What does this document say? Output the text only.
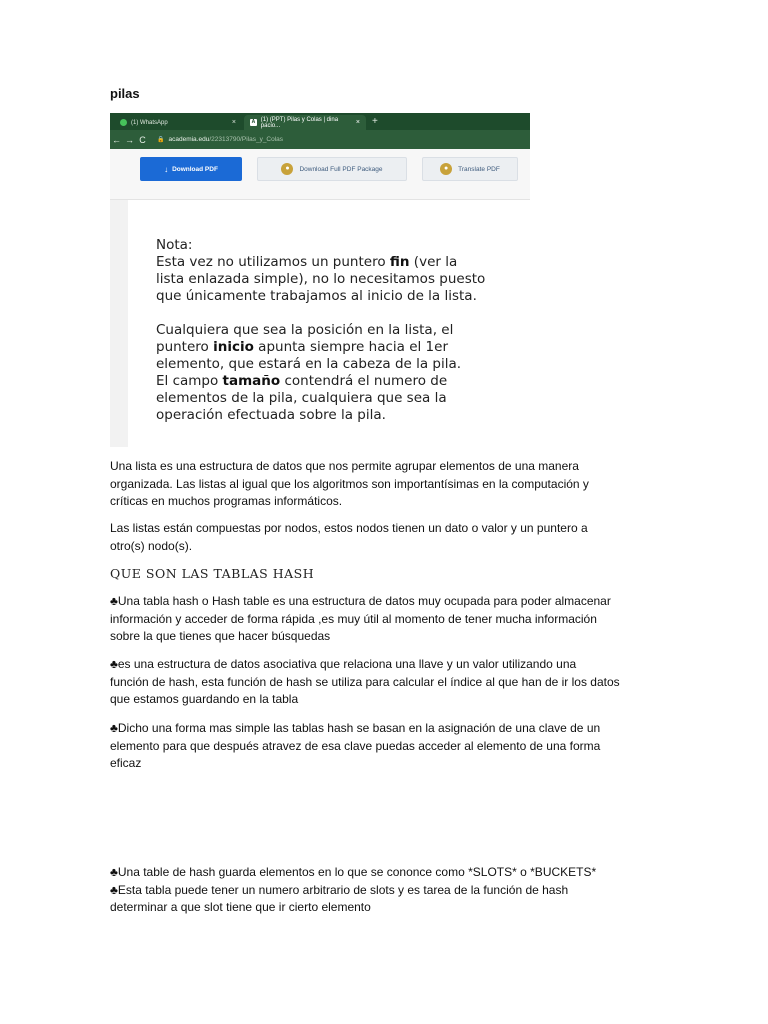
pilas
(1) WhatsApp	×	A (1) (PPT) Pilas y Colas | dina pacio...	× +
← → C	🔒 academia.edu/22313790/Pilas_y_Colas
↓ Download PDF	●	Download Full PDF Package	●	Translate PDF

Nota:
Esta vez no utilizamos un puntero fin (ver la
lista enlazada simple), no lo necesitamos puesto
que únicamente trabajamos al inicio de la lista.

Cualquiera que sea la posición en la lista, el
puntero inicio apunta siempre hacia el 1er
elemento, que estará en la cabeza de la pila.
El campo tamaño contendrá el numero de
elementos de la pila, cualquiera que sea la
operación efectuada sobre la pila.

Una lista es una estructura de datos que nos permite agrupar elementos de una manera
organizada. Las listas al igual que los algoritmos son importantísimas en la computación y
críticas en muchos programas informáticos.

Las listas están compuestas por nodos, estos nodos tienen un dato o valor y un puntero a
otro(s) nodo(s).

QUE SON LAS TABLAS HASH

♣Una tabla hash o Hash table es una estructura de datos muy ocupada para poder almacenar
información y acceder de forma rápida ,es muy útil al momento de tener mucha información
sobre la que tienes que hacer búsquedas

♣es una estructura de datos asociativa que relaciona una llave y un valor utilizando una
función de hash, esta función de hash se utiliza para calcular el índice al que han de ir los datos
que estamos guardando en la tabla

♣Dicho una forma mas simple las tablas hash se basan en la asignación de una clave de un
elemento para que después atravez de esa clave puedas acceder al elemento de una forma
eficaz

♣Una table de hash guarda elementos en lo que se cononce como *SLOTS* o *BUCKETS*
♣Esta tabla puede tener un numero arbitrario de slots y es tarea de la función de hash
determinar a que slot tiene que ir cierto elemento
